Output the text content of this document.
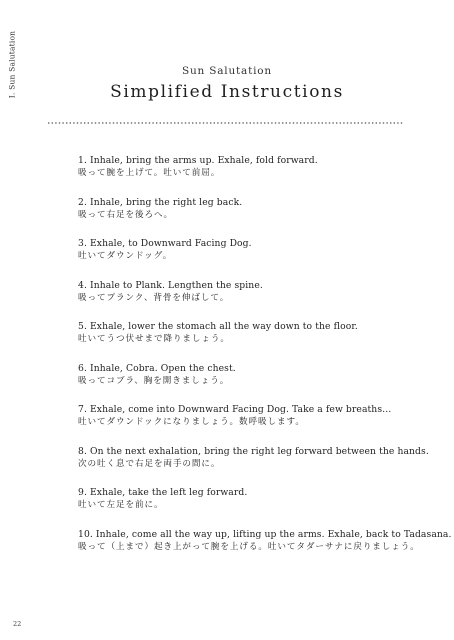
I. Sun Salutation	Sun Salutation
Simplified Instructions
1. Inhale, bring the arms up. Exhale, fold forward.
吸って腕を上げて。吐いて前屈。
2. Inhale, bring the right leg back.
吸って右足を後ろへ。
3. Exhale, to Downward Facing Dog.
吐いてダウンドッグ。
4. Inhale to Plank. Lengthen the spine.
吸ってプランク、背骨を伸ばして。
5. Exhale, lower the stomach all the way down to the floor.
吐いてうつ伏せまで降りましょう。
6. Inhale, Cobra. Open the chest.
吸ってコブラ、胸を開きましょう。
7. Exhale, come into Downward Facing Dog. Take a few breaths…
吐いてダウンドックになりましょう。数呼吸します。
8. On the next exhalation, bring the right leg forward between the hands.
次の吐く息で右足を両手の間に。
9. Exhale, take the left leg forward.
吐いて左足を前に。
10. Inhale, come all the way up, lifting up the arms. Exhale, back to Tadasana.
吸って（上まで）起き上がって腕を上げる。吐いてタダーサナに戻りましょう。
22
